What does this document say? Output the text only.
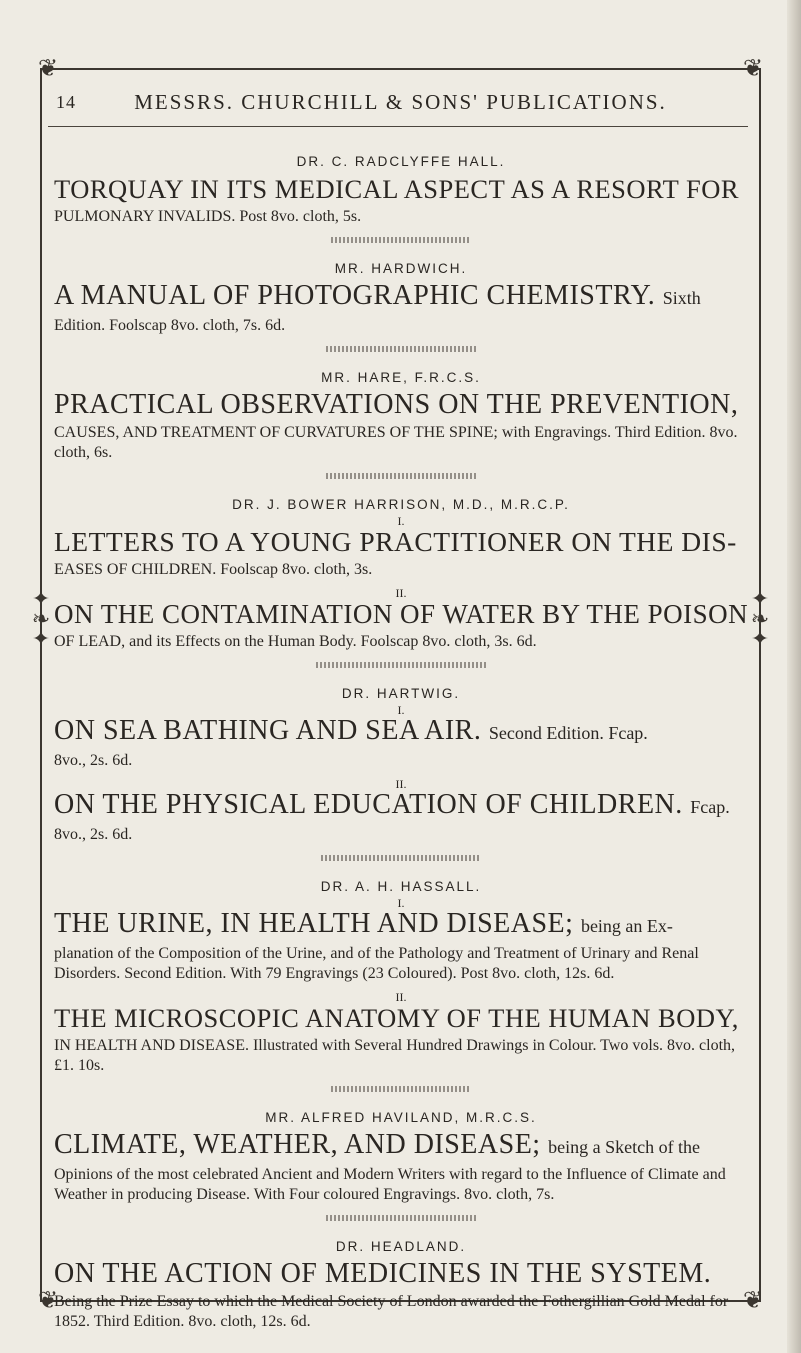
❦	❦
❦	❦
✦
❧
✦
✦
❧
✦
14	MESSRS. CHURCHILL & SONS' PUBLICATIONS.
DR. C. RADCLYFFE HALL.
TORQUAY IN ITS MEDICAL ASPECT AS A RESORT FOR
PULMONARY INVALIDS. Post 8vo. cloth, 5s.
MR. HARDWICH.
A MANUAL OF PHOTOGRAPHIC CHEMISTRY. Sixth
Edition. Foolscap 8vo. cloth, 7s. 6d.
MR. HARE, F.R.C.S.
PRACTICAL OBSERVATIONS ON THE PREVENTION,
CAUSES, AND TREATMENT OF CURVATURES OF THE SPINE; with Engravings. Third Edition. 8vo. cloth, 6s.
DR. J. BOWER HARRISON, M.D., M.R.C.P.
I.
LETTERS TO A YOUNG PRACTITIONER ON THE DIS-
EASES OF CHILDREN. Foolscap 8vo. cloth, 3s.
II.
ON THE CONTAMINATION OF WATER BY THE POISON
OF LEAD, and its Effects on the Human Body. Foolscap 8vo. cloth, 3s. 6d.
DR. HARTWIG.
I.
ON SEA BATHING AND SEA AIR. Second Edition. Fcap.
8vo., 2s. 6d.
II.
ON THE PHYSICAL EDUCATION OF CHILDREN. Fcap.
8vo., 2s. 6d.
DR. A. H. HASSALL.
I.
THE URINE, IN HEALTH AND DISEASE; being an Ex-
planation of the Composition of the Urine, and of the Pathology and Treatment of Urinary and Renal Disorders. Second Edition. With 79 Engravings (23 Coloured). Post 8vo. cloth, 12s. 6d.
II.
THE MICROSCOPIC ANATOMY OF THE HUMAN BODY,
IN HEALTH AND DISEASE. Illustrated with Several Hundred Drawings in Colour. Two vols. 8vo. cloth, £1. 10s.
MR. ALFRED HAVILAND, M.R.C.S.
CLIMATE, WEATHER, AND DISEASE; being a Sketch of the
Opinions of the most celebrated Ancient and Modern Writers with regard to the Influence of Climate and Weather in producing Disease. With Four coloured Engravings. 8vo. cloth, 7s.
DR. HEADLAND.
ON THE ACTION OF MEDICINES IN THE SYSTEM.
Being the Prize Essay to which the Medical Society of London awarded the Fothergillian Gold Medal for 1852. Third Edition. 8vo. cloth, 12s. 6d.
